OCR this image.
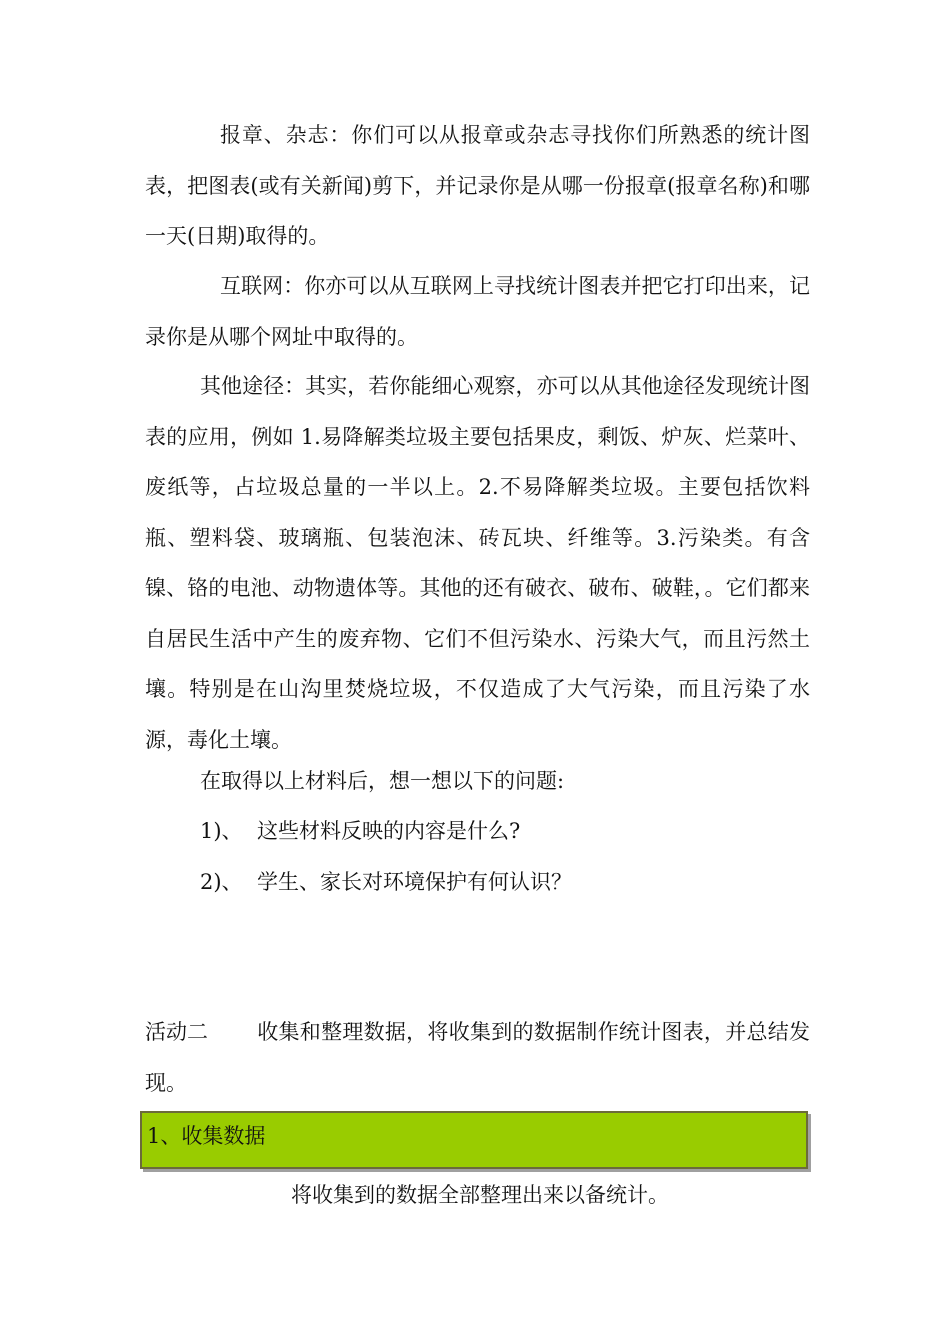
报章、杂志：你们可以从报章或杂志寻找你们所熟悉的统计图表，把图表(或有关新闻)剪下，并记录你是从哪一份报章(报章名称)和哪一天(日期)取得的。

互联网：你亦可以从互联网上寻找统计图表并把它打印出来，记录你是从哪个网址中取得的。

其他途径：其实，若你能细心观察，亦可以从其他途径发现统计图表的应用，例如 1.易降解类垃圾主要包括果皮，剩饭、炉灰、烂菜叶、废纸等，占垃圾总量的一半以上。2.不易降解类垃圾。主要包括饮料瓶、塑料袋、玻璃瓶、包装泡沫、砖瓦块、纤维等。3.污染类。有含镍、铬的电池、动物遗体等。其他的还有破衣、破布、破鞋，。它们都来自居民生活中产生的废弃物、它们不但污染水、污染大气，而且污然土壤。特别是在山沟里焚烧垃圾，不仅造成了大气污染，而且污染了水源，毒化土壤。

在取得以上材料后，想一想以下的问题:
1)、 这些材料反映的内容是什么?
2)、 学生、家长对环境保护有何认识？
活动二 收集和整理数据，将收集到的数据制作统计图表，并总结发现。
1、收集数据
将收集到的数据全部整理出来以备统计。
